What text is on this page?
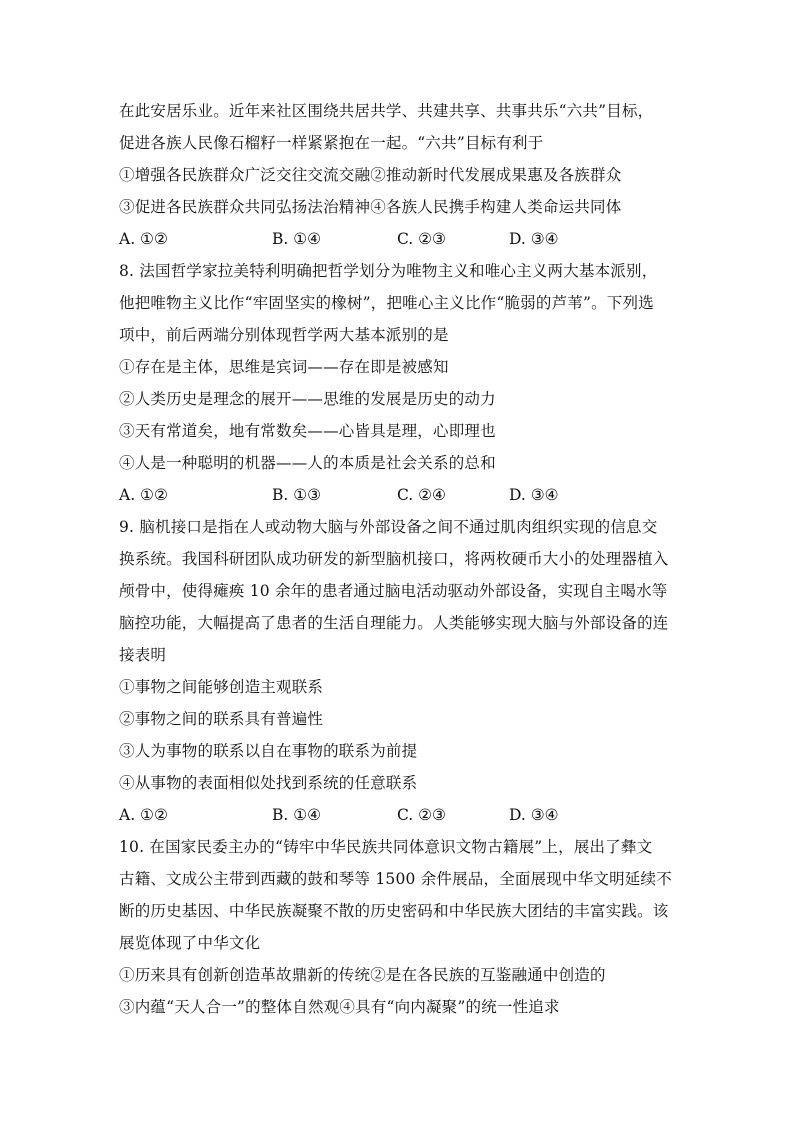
在此安居乐业。近年来社区围绕共居共学、共建共享、共事共乐“六共”目标，
促进各族人民像石榴籽一样紧紧抱在一起。“六共”目标有利于
①增强各民族群众广泛交往交流交融②推动新时代发展成果惠及各族群众
③促进各民族群众共同弘扬法治精神④各族人民携手构建人类命运共同体
A. ①②	B. ①④	C. ②③	D. ③④
8. 法国哲学家拉美特利明确把哲学划分为唯物主义和唯心主义两大基本派别，
他把唯物主义比作“牢固坚实的橡树”，把唯心主义比作“脆弱的芦苇”。下列选
项中，前后两端分别体现哲学两大基本派别的是
①存在是主体，思维是宾词——存在即是被感知
②人类历史是理念的展开——思维的发展是历史的动力
③天有常道矣，地有常数矣——心皆具是理，心即理也
④人是一种聪明的机器——人的本质是社会关系的总和
A. ①②	B. ①③	C. ②④	D. ③④
9. 脑机接口是指在人或动物大脑与外部设备之间不通过肌肉组织实现的信息交
换系统。我国科研团队成功研发的新型脑机接口，将两枚硬币大小的处理器植入
颅骨中，使得瘫痪 10 余年的患者通过脑电活动驱动外部设备，实现自主喝水等
脑控功能，大幅提高了患者的生活自理能力。人类能够实现大脑与外部设备的连
接表明
①事物之间能够创造主观联系
②事物之间的联系具有普遍性
③人为事物的联系以自在事物的联系为前提
④从事物的表面相似处找到系统的任意联系
A. ①②	B. ①④	C. ②③	D. ③④
10. 在国家民委主办的“铸牢中华民族共同体意识文物古籍展”上，展出了彝文
古籍、文成公主带到西藏的鼓和琴等 1500 余件展品，全面展现中华文明延续不
断的历史基因、中华民族凝聚不散的历史密码和中华民族大团结的丰富实践。该
展览体现了中华文化
①历来具有创新创造革故鼎新的传统②是在各民族的互鉴融通中创造的
③内蕴“天人合一”的整体自然观④具有“向内凝聚”的统一性追求
